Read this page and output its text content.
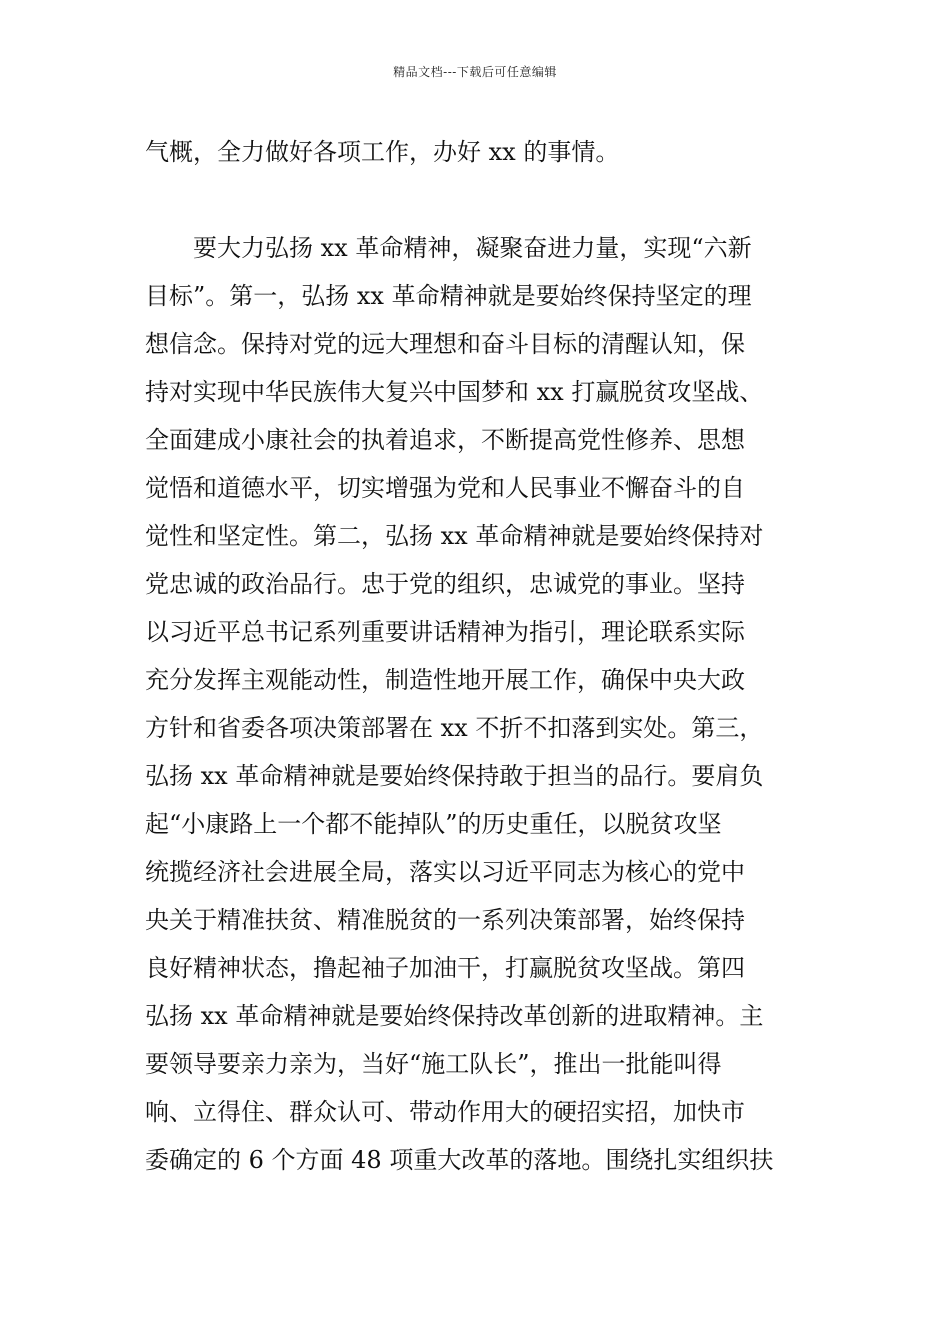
精品文档---下载后可任意编辑
气概，全力做好各项工作，办好 xx 的事情。
要大力弘扬 xx 革命精神，凝聚奋进力量，实现“六新
目标”。第一，弘扬 xx 革命精神就是要始终保持坚定的理
想信念。保持对党的远大理想和奋斗目标的清醒认知，保
持对实现中华民族伟大复兴中国梦和 xx 打赢脱贫攻坚战、
全面建成小康社会的执着追求，不断提高党性修养、思想
觉悟和道德水平，切实增强为党和人民事业不懈奋斗的自
觉性和坚定性。第二，弘扬 xx 革命精神就是要始终保持对
党忠诚的政治品行。忠于党的组织，忠诚党的事业。坚持
以习近平总书记系列重要讲话精神为指引，理论联系实际
充分发挥主观能动性，制造性地开展工作，确保中央大政
方针和省委各项决策部署在 xx 不折不扣落到实处。第三，
弘扬 xx 革命精神就是要始终保持敢于担当的品行。要肩负
起“小康路上一个都不能掉队”的历史重任，以脱贫攻坚
统揽经济社会进展全局，落实以习近平同志为核心的党中
央关于精准扶贫、精准脱贫的一系列决策部署，始终保持
良好精神状态，撸起袖子加油干，打赢脱贫攻坚战。第四
弘扬 xx 革命精神就是要始终保持改革创新的进取精神。主
要领导要亲力亲为，当好“施工队长”，推出一批能叫得
响、立得住、群众认可、带动作用大的硬招实招，加快市
委确定的 6 个方面 48 项重大改革的落地。围绕扎实组织扶
